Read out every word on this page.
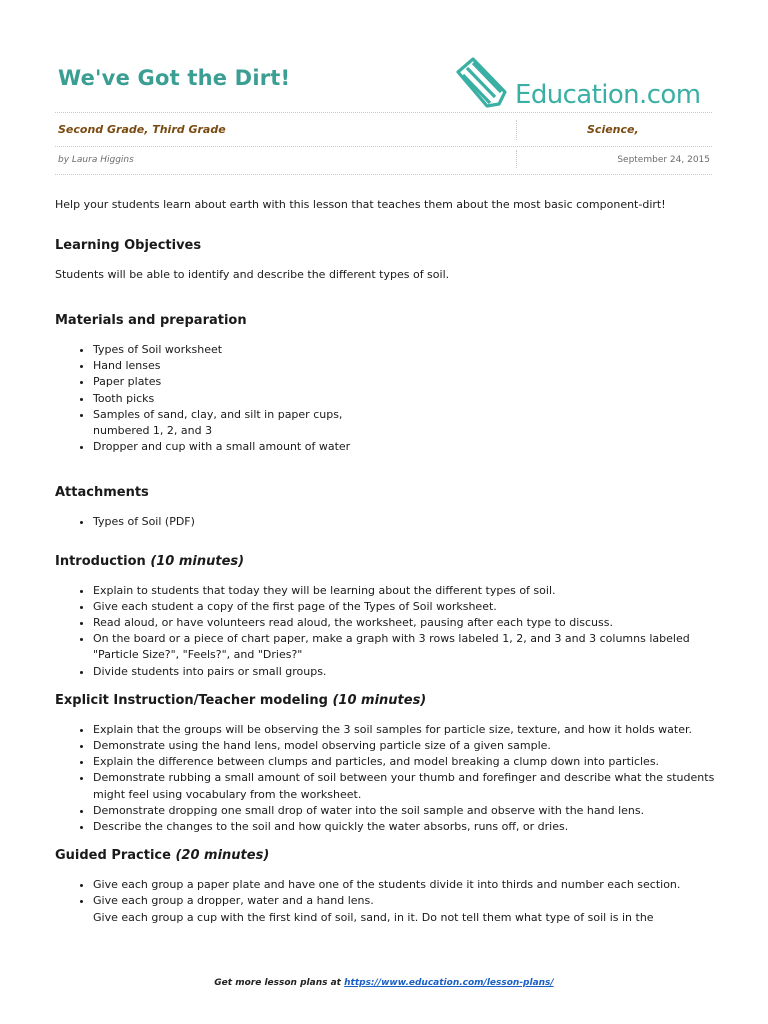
We've Got the Dirt!
Education.com
Second Grade, Third Grade	Science,
by Laura Higgins	September 24, 2015

Help your students learn about earth with this lesson that teaches them about the most basic component-dirt!

Learning Objectives

Students will be able to identify and describe the different types of soil.

Materials and preparation
• Types of Soil worksheet
• Hand lenses
• Paper plates
• Tooth picks
• Samples of sand, clay, and silt in paper cups, numbered 1, 2, and 3
• Dropper and cup with a small amount of water
Attachments
• Types of Soil (PDF)
Introduction (10 minutes)
• Explain to students that today they will be learning about the different types of soil.
• Give each student a copy of the first page of the Types of Soil worksheet.
• Read aloud, or have volunteers read aloud, the worksheet, pausing after each type to discuss.
• On the board or a piece of chart paper, make a graph with 3 rows labeled 1, 2, and 3 and 3 columns labeled "Particle Size?", "Feels?", and "Dries?"
• Divide students into pairs or small groups.
Explicit Instruction/Teacher modeling (10 minutes)
• Explain that the groups will be observing the 3 soil samples for particle size, texture, and how it holds water.
• Demonstrate using the hand lens, model observing particle size of a given sample.
• Explain the difference between clumps and particles, and model breaking a clump down into particles.
• Demonstrate rubbing a small amount of soil between your thumb and forefinger and describe what the students might feel using vocabulary from the worksheet.
• Demonstrate dropping one small drop of water into the soil sample and observe with the hand lens.
• Describe the changes to the soil and how quickly the water absorbs, runs off, or dries.
Guided Practice (20 minutes)
• Give each group a paper plate and have one of the students divide it into thirds and number each section.
• Give each group a dropper, water and a hand lens.
• Give each group a cup with the first kind of soil, sand, in it. Do not tell them what type of soil is in the
Get more lesson plans at https://www.education.com/lesson-plans/
